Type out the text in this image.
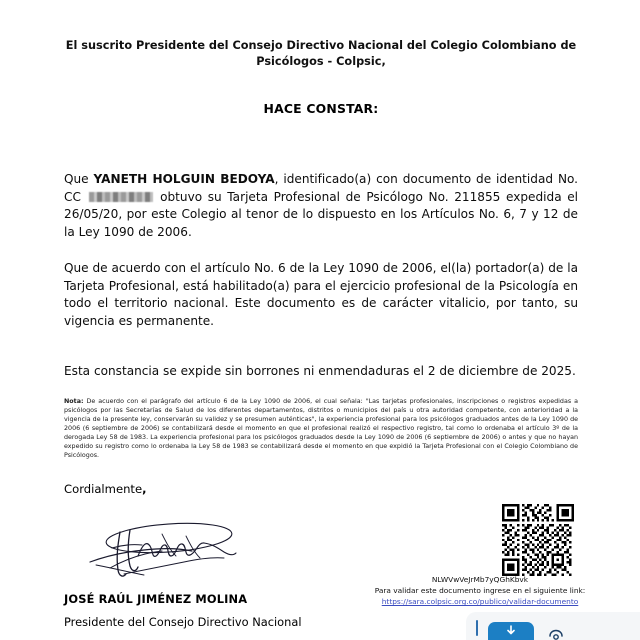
El suscrito Presidente del Consejo Directivo Nacional del Colegio Colombiano de Psicólogos - Colpsic,
HACE CONSTAR:

Que YANETH HOLGUIN BEDOYA, identificado(a) con documento de identidad No. CC	obtuvo su Tarjeta Profesional de Psicólogo No. 211855 expedida el 26/05/20, por este Colegio al tenor de lo dispuesto en los Artículos No. 6, 7 y 12 de la Ley 1090 de 2006.

Que de acuerdo con el artículo No. 6 de la Ley 1090 de 2006, el(la) portador(a) de la Tarjeta Profesional, está habilitado(a) para el ejercicio profesional de la Psicología en todo el territorio nacional. Este documento es de carácter vitalicio, por tanto, su vigencia es permanente.

Esta constancia se expide sin borrones ni enmendaduras el 2 de diciembre de 2025.

Nota: De acuerdo con el parágrafo del artículo 6 de la Ley 1090 de 2006, el cual señala: "Las tarjetas profesionales, inscripciones o registros expedidas a psicólogos por las Secretarías de Salud de los diferentes departamentos, distritos o municipios del país u otra autoridad competente, con anterioridad a la vigencia de la presente ley, conservarán su validez y se presumen auténticas", la experiencia profesional para los psicólogos graduados antes de la Ley 1090 de 2006 (6 septiembre de 2006) se contabilizará desde el momento en que el profesional realizó el respectivo registro, tal como lo ordenaba el artículo 3º de la derogada Ley 58 de 1983. La experiencia profesional para los psicólogos graduados desde la Ley 1090 de 2006 (6 septiembre de 2006) o antes y que no hayan expedido su registro como lo ordenaba la Ley 58 de 1983 se contabilizará desde el momento en que expidió la Tarjeta Profesional con el Colegio Colombiano de Psicólogos.

Cordialmente,

JOSÉ RAÚL JIMÉNEZ MOLINA
Presidente del Consejo Directivo Nacional
NLWVwVeJrMb7yQGhKbvk
Para validar este documento ingrese en el siguiente link:
https://sara.colpsic.org.co/publico/validar-documento
